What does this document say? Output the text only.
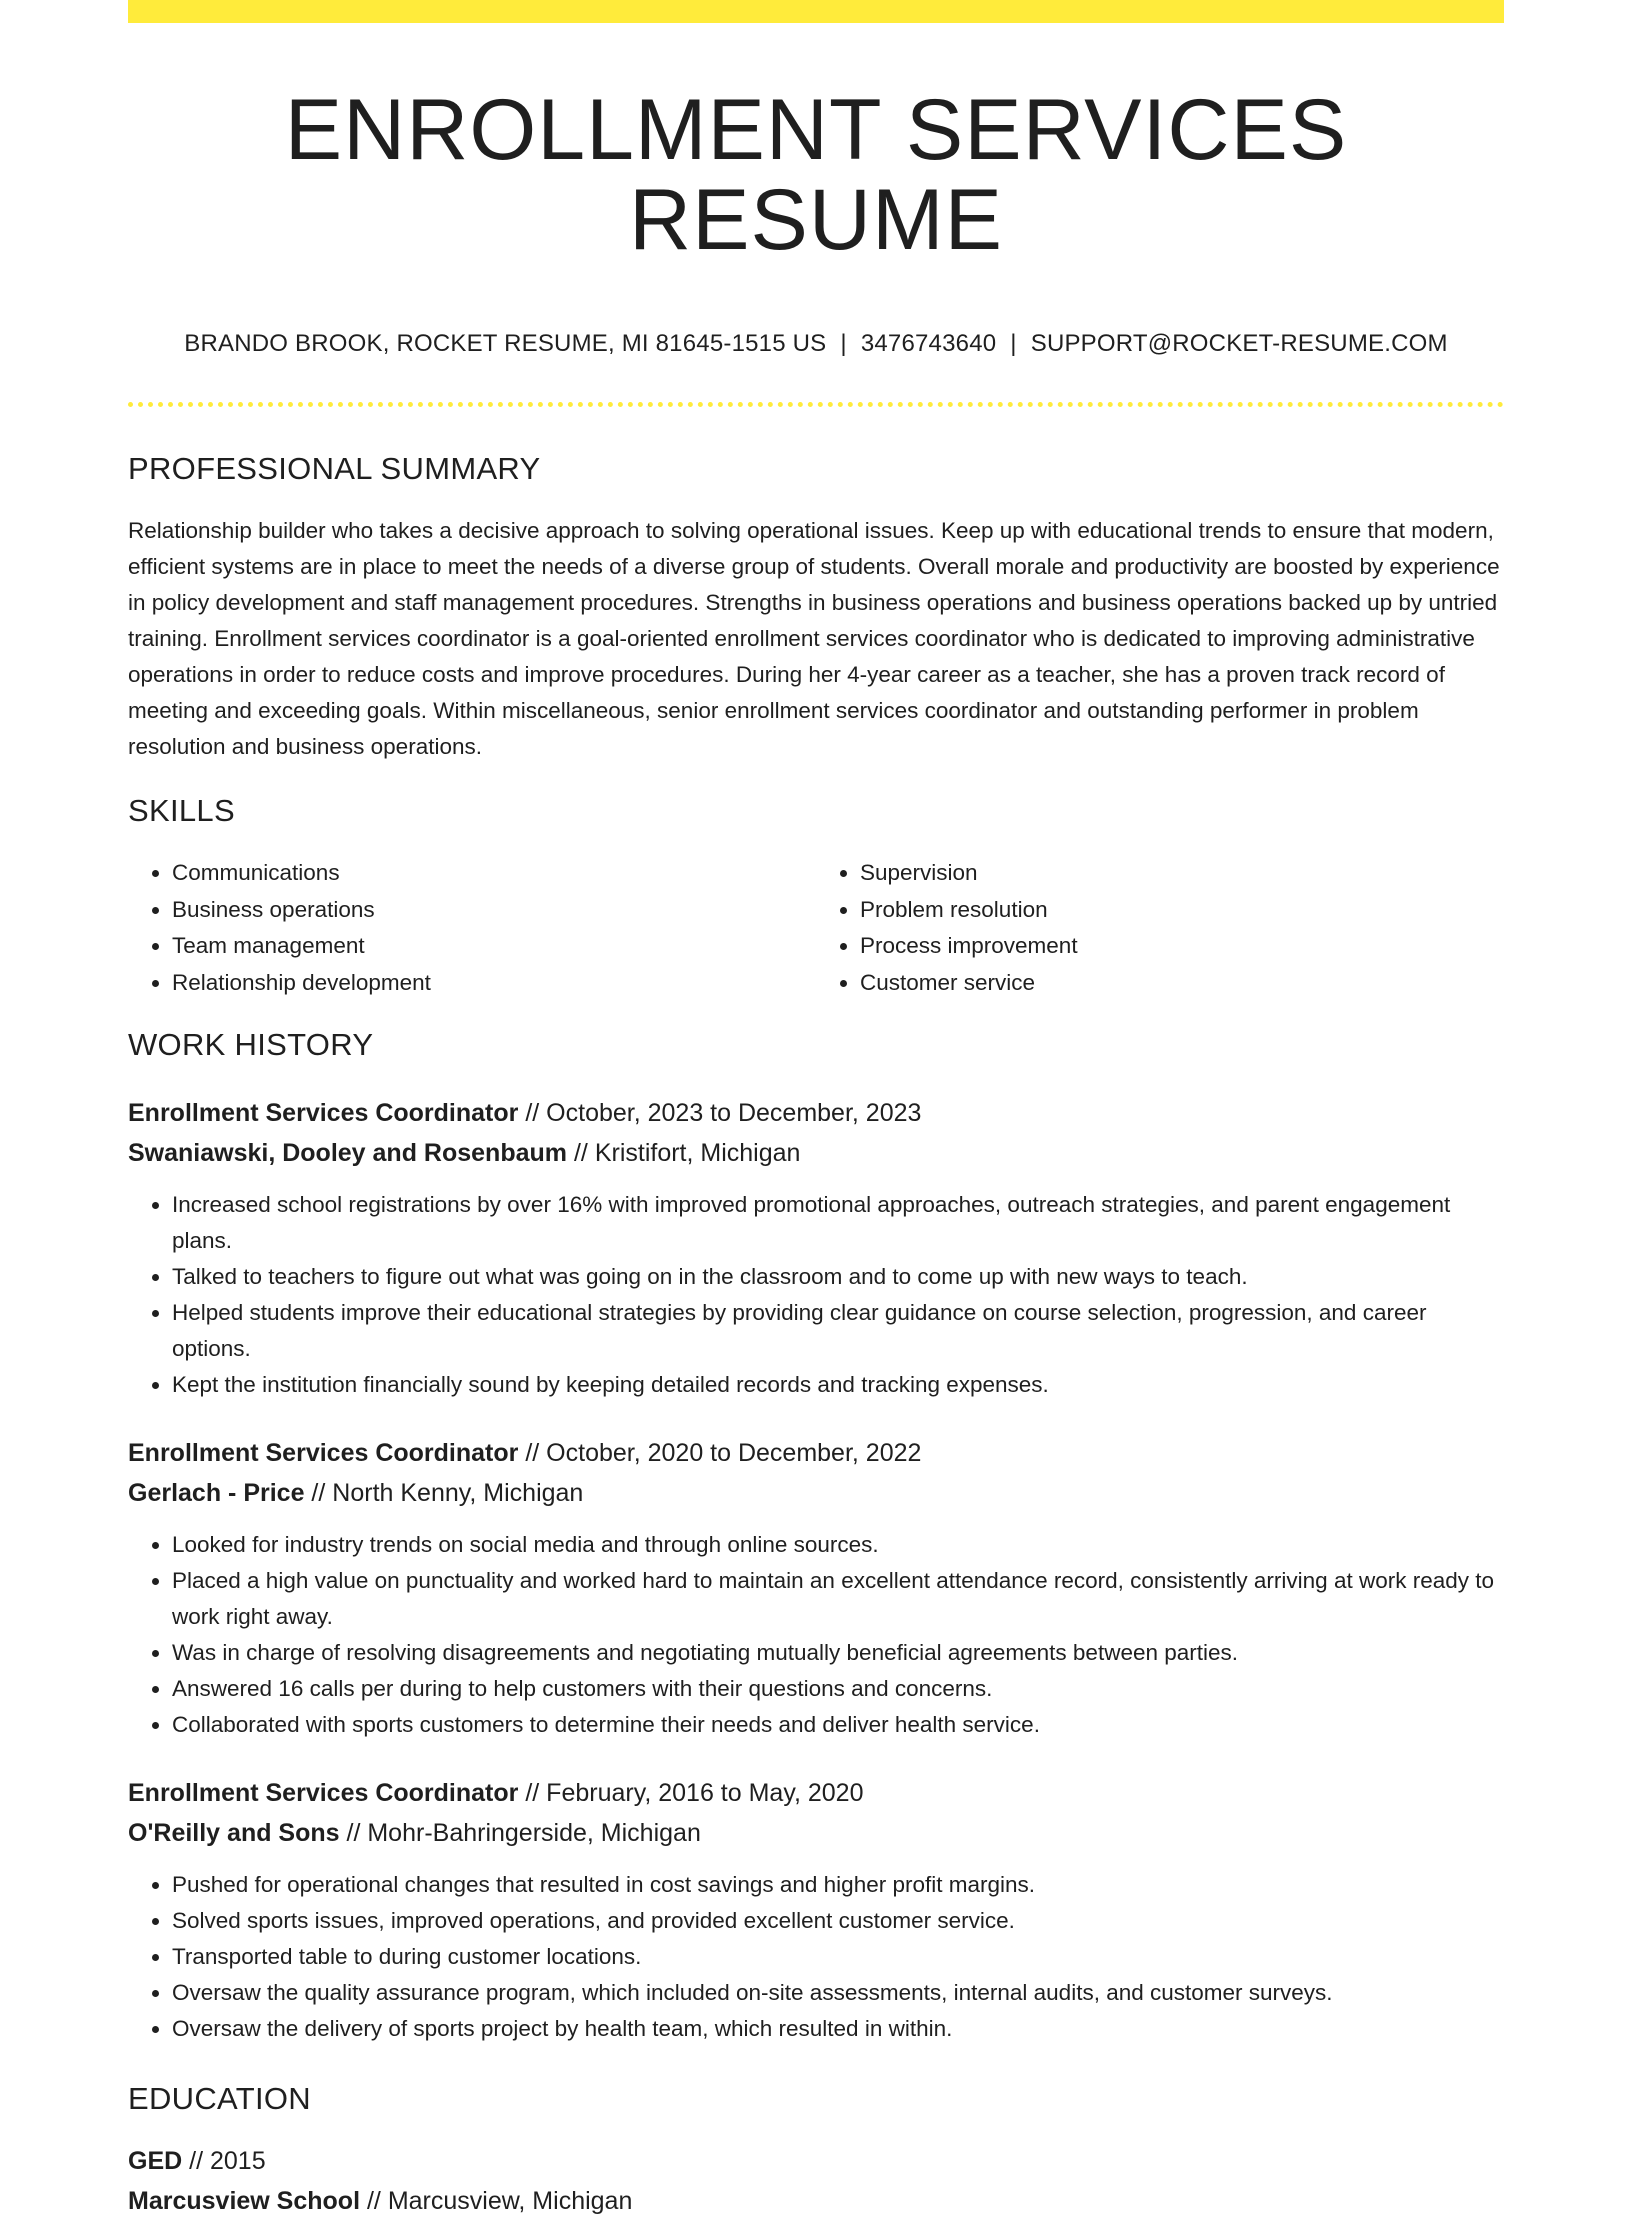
ENROLLMENT SERVICES RESUME
BRANDO BROOK, ROCKET RESUME, MI 81645-1515 US | 3476743640 | SUPPORT@ROCKET-RESUME.COM
PROFESSIONAL SUMMARY
Relationship builder who takes a decisive approach to solving operational issues. Keep up with educational trends to ensure that modern, efficient systems are in place to meet the needs of a diverse group of students. Overall morale and productivity are boosted by experience in policy development and staff management procedures. Strengths in business operations and business operations backed up by untried training. Enrollment services coordinator is a goal-oriented enrollment services coordinator who is dedicated to improving administrative operations in order to reduce costs and improve procedures. During her 4-year career as a teacher, she has a proven track record of meeting and exceeding goals. Within miscellaneous, senior enrollment services coordinator and outstanding performer in problem resolution and business operations.
SKILLS
• Communications
• Business operations
• Team management
• Relationship development
• Supervision
• Problem resolution
• Process improvement
• Customer service
WORK HISTORY
Enrollment Services Coordinator // October, 2023 to December, 2023
Swaniawski, Dooley and Rosenbaum // Kristifort, Michigan
• Increased school registrations by over 16% with improved promotional approaches, outreach strategies, and parent engagement plans.
• Talked to teachers to figure out what was going on in the classroom and to come up with new ways to teach.
• Helped students improve their educational strategies by providing clear guidance on course selection, progression, and career options.
• Kept the institution financially sound by keeping detailed records and tracking expenses.
Enrollment Services Coordinator // October, 2020 to December, 2022
Gerlach - Price // North Kenny, Michigan
• Looked for industry trends on social media and through online sources.
• Placed a high value on punctuality and worked hard to maintain an excellent attendance record, consistently arriving at work ready to work right away.
• Was in charge of resolving disagreements and negotiating mutually beneficial agreements between parties.
• Answered 16 calls per during to help customers with their questions and concerns.
• Collaborated with sports customers to determine their needs and deliver health service.
Enrollment Services Coordinator // February, 2016 to May, 2020
O'Reilly and Sons // Mohr-Bahringerside, Michigan
• Pushed for operational changes that resulted in cost savings and higher profit margins.
• Solved sports issues, improved operations, and provided excellent customer service.
• Transported table to during customer locations.
• Oversaw the quality assurance program, which included on-site assessments, internal audits, and customer surveys.
• Oversaw the delivery of sports project by health team, which resulted in within.
EDUCATION
GED // 2015
Marcusview School // Marcusview, Michigan
